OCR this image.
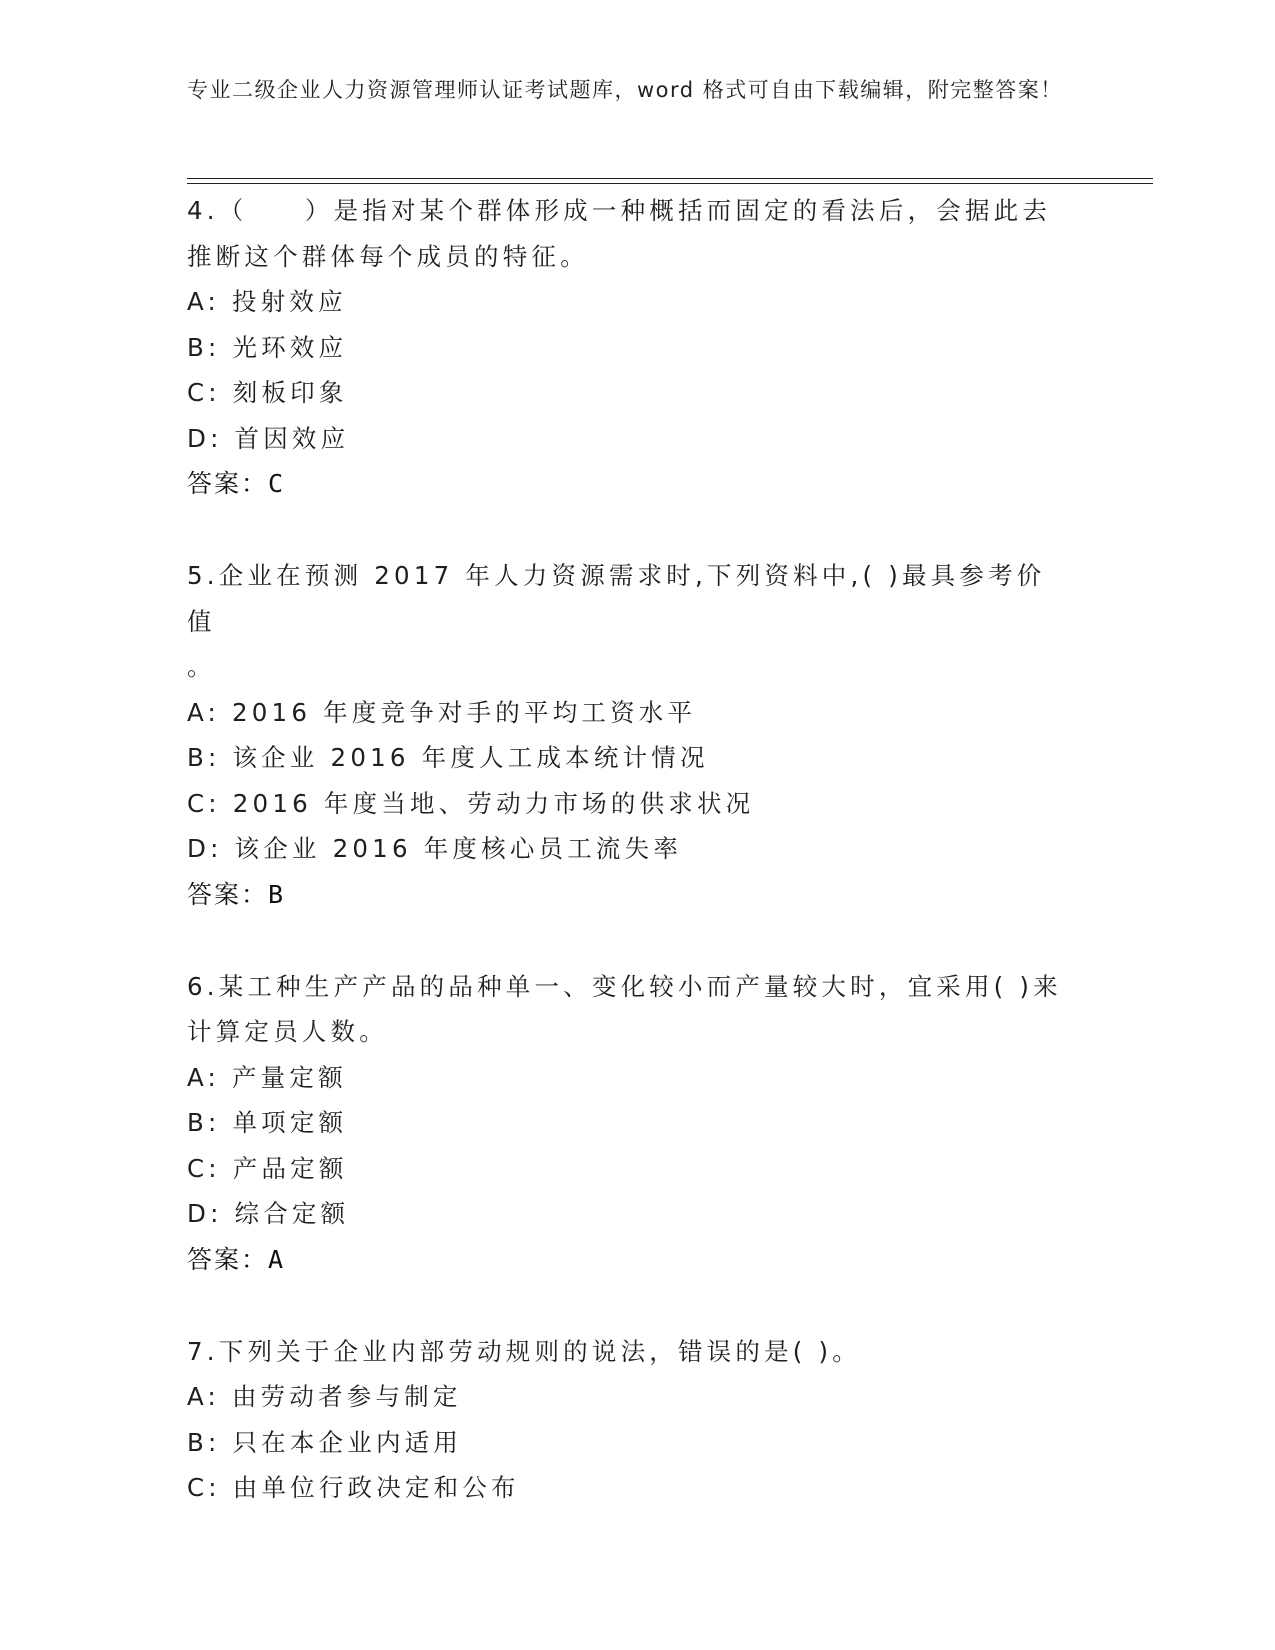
专业二级企业人力资源管理师认证考试题库，word 格式可自由下载编辑，附完整答案！
4.（　　）是指对某个群体形成一种概括而固定的看法后，会据此去
推断这个群体每个成员的特征。
A: 投射效应
B: 光环效应
C: 刻板印象
D: 首因效应
答案：C
5.企业在预测 2017 年人力资源需求时,下列资料中,( )最具参考价值
。
A: 2016 年度竞争对手的平均工资水平
B: 该企业 2016 年度人工成本统计情况
C: 2016 年度当地、劳动力市场的供求状况
D: 该企业 2016 年度核心员工流失率
答案：B
6.某工种生产产品的品种单一、变化较小而产量较大时，宜采用( )来
计算定员人数。
A: 产量定额
B: 单项定额
C: 产品定额
D: 综合定额
答案：A
7.下列关于企业内部劳动规则的说法，错误的是( )。
A: 由劳动者参与制定
B: 只在本企业内适用
C: 由单位行政决定和公布
